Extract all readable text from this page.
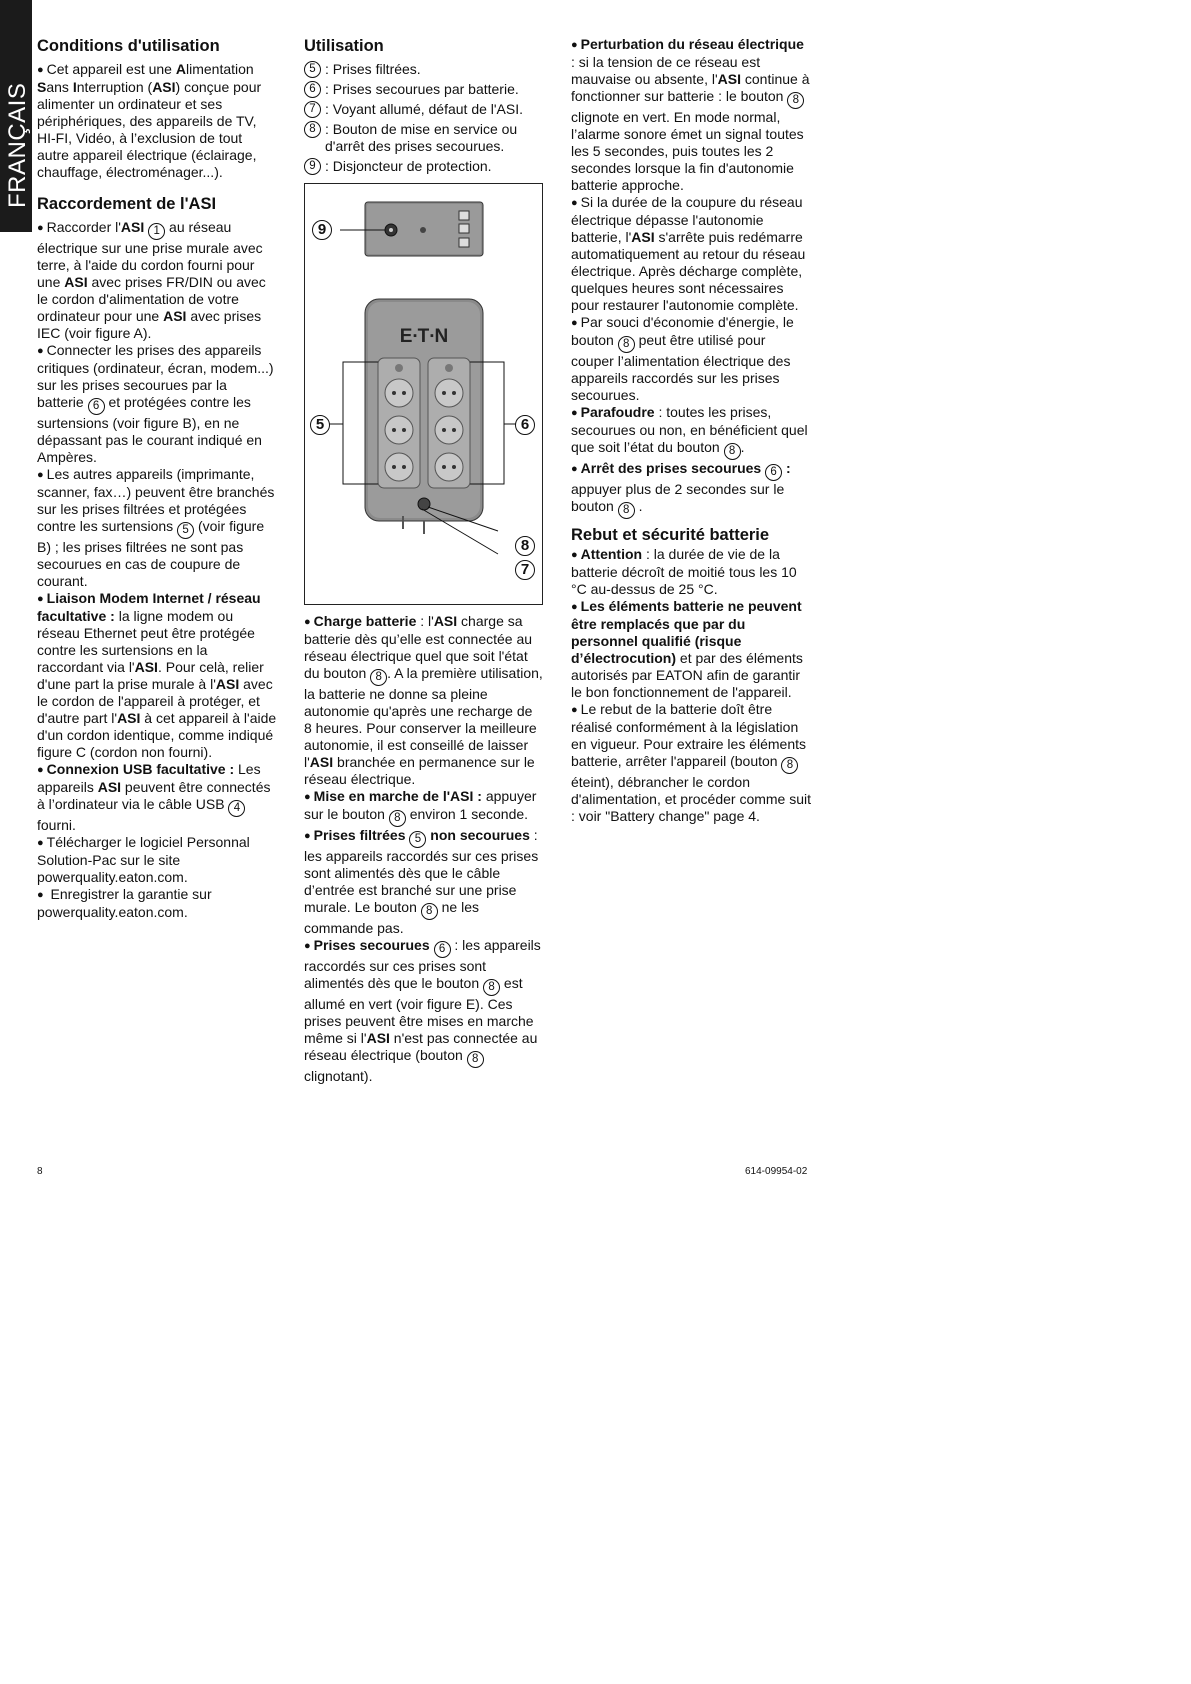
FRANÇAIS
Conditions d'utilisation

● Cet appareil est une Alimentation Sans Interruption (ASI) conçue pour alimenter un ordinateur et ses périphériques, des appareils de TV, HI-FI, Vidéo, à l’exclusion de tout autre appareil électrique (éclairage, chauffage, électroménager...).

Raccordement de l'ASI

● Raccorder l'ASI 1 au réseau électrique sur une prise murale avec terre, à l'aide du cordon fourni pour une ASI avec prises FR/DIN ou avec le cordon d'alimentation de votre ordinateur pour une ASI avec prises IEC (voir figure A).

● Connecter les prises des appareils critiques (ordinateur, écran, modem...) sur les prises secourues par la batterie 6 et protégées contre les surtensions (voir figure B), en ne dépassant pas le courant indiqué en Ampères.

● Les autres appareils (imprimante, scanner, fax…) peuvent être branchés sur les prises filtrées et protégées contre les surtensions 5 (voir figure B) ; les prises filtrées ne sont pas secourues en cas de coupure de courant.

● Liaison Modem Internet / réseau facultative : la ligne modem ou réseau Ethernet peut être protégée contre les surtensions en la raccordant via l'ASI. Pour celà, relier d'une part la prise murale à l'ASI avec le cordon de l'appareil à protéger, et d'autre part l'ASI à cet appareil à l'aide d'un cordon identique, comme indiqué figure C (cordon non fourni).

● Connexion USB facultative : Les appareils ASI peuvent être connectés à l’ordinateur via le câble USB 4 fourni.

● Télécharger le logiciel Personnal Solution-Pac sur le site powerquality.eaton.com.

● Enregistrer la garantie sur powerquality.eaton.com.

Utilisation
5 : Prises filtrées.
6 : Prises secourues par batterie.
7 : Voyant allumé, défaut de l'ASI.
8 : Bouton de mise en service ou d'arrêt des prises secourues.
9 : Disjoncteur de protection.
E∙T∙N
9
5	6
8
7

● Charge batterie : l'ASI charge sa batterie dès qu’elle est connectée au réseau électrique quel que soit l'état du bouton 8 . A la première utilisation, la batterie ne donne sa pleine autonomie qu'après une recharge de 8 heures. Pour conserver la meilleure autonomie, il est conseillé de laisser l'ASI branchée en permanence sur le réseau électrique.

● Mise en marche de l'ASI : appuyer sur le bouton 8 environ 1 seconde.

● Prises filtrées 5 non secourues : les appareils raccordés sur ces prises sont alimentés dès que le câble d’entrée est branché sur une prise murale. Le bouton 8 ne les commande pas.

● Prises secourues 6 : les appareils raccordés sur ces prises sont alimentés dès que le bouton 8 est allumé en vert (voir figure E). Ces prises peuvent être mises en marche même si l'ASI n'est pas connectée au réseau électrique (bouton 8 clignotant).

● Perturbation du réseau électrique : si la tension de ce réseau est mauvaise ou absente, l'ASI continue à fonctionner sur batterie : le bouton 8 clignote en vert. En mode normal, l’alarme sonore émet un signal toutes les 5 secondes, puis toutes les 2 secondes lorsque la fin d'autonomie batterie approche.

● Si la durée de la coupure du réseau électrique dépasse l'autonomie batterie, l'ASI s'arrête puis redémarre automatiquement au retour du réseau électrique. Après décharge complète, quelques heures sont nécessaires pour restaurer l'autonomie complète.

● Par souci d'économie d'énergie, le bouton 8 peut être utilisé pour couper l’alimentation électrique des appareils raccordés sur les prises secourues.

● Parafoudre : toutes les prises, secourues ou non, en bénéficient quel que soit l’état du bouton 8 .

● Arrêt des prises secourues 6 : appuyer plus de 2 secondes sur le bouton 8 .

Rebut et sécurité batterie

● Attention : la durée de vie de la batterie décroît de moitié tous les 10 °C au-dessus de 25 °C.

● Les éléments batterie ne peuvent être remplacés que par du personnel qualifié (risque d’électrocution) et par des éléments autorisés par EATON afin de garantir le bon fonctionnement de l'appareil.

● Le rebut de la batterie doît être réalisé conformément à la législation en vigueur. Pour extraire les éléments batterie, arrêter l'appareil (bouton 8 éteint), débrancher le cordon d'alimentation, et procéder comme suit : voir "Battery change" page 4.

8	614-09954-02
